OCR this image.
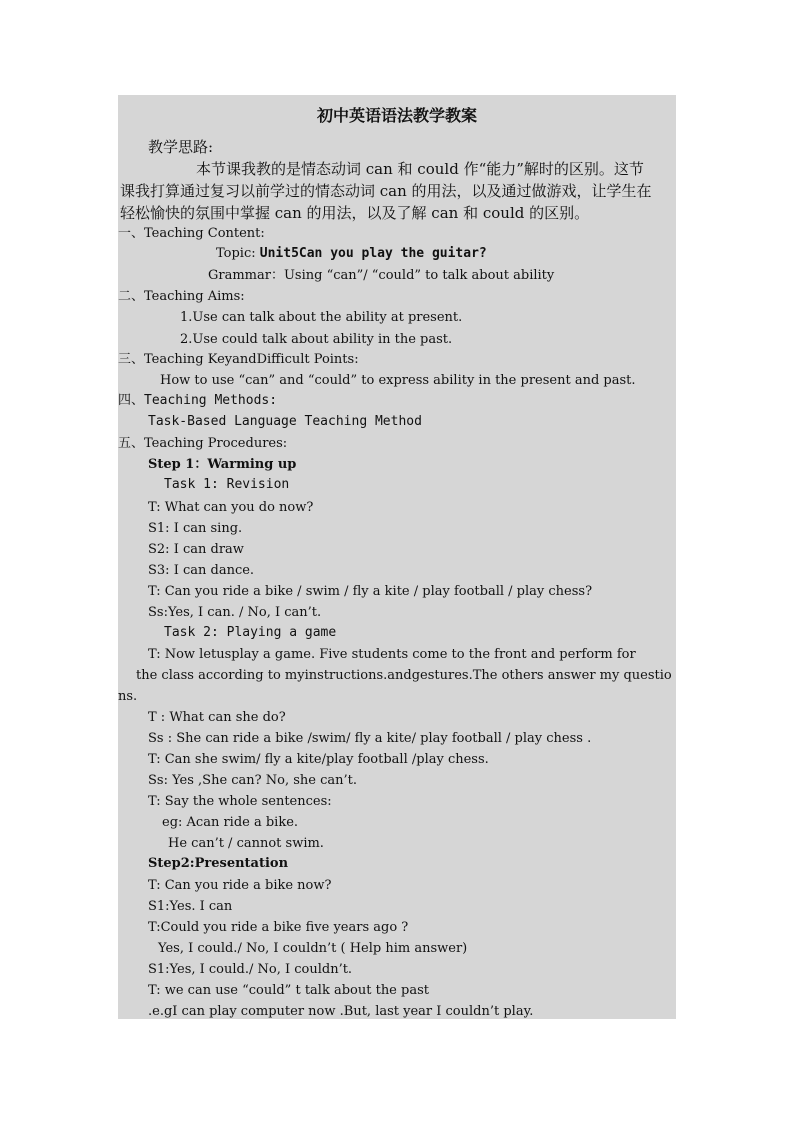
初中英语语法教学教案
教学思路:
本节课我教的是情态动词 can 和 could 作“能力”解时的区别。这节
课我打算通过复习以前学过的情态动词 can 的用法，以及通过做游戏，让学生在
轻松愉快的氛围中掌握 can 的用法，以及了解 can 和 could 的区别。
一、Teaching Content:
Topic: Unit5Can you play the guitar?
Grammar：Using “can”/ “could” to talk about ability
二、Teaching Aims:
1.Use can talk about the ability at present.
2.Use could talk about ability in the past.
三、Teaching KeyandDifficult Points:
How to use “can” and “could” to express ability in the present and past.
四、Teaching Methods:
Task-Based Language Teaching Method
五、Teaching Procedures:
Step 1：Warming up
Task 1: Revision
T: What can you do now?
S1: I can sing.
S2: I can draw
S3: I can dance.
T: Can you ride a bike / swim / fly a kite / play football / play chess?
Ss:Yes, I can. / No, I can’t.
Task 2: Playing a game
T: Now letusplay a game. Five students come to the front and perform for
the class according to myinstructions.andgestures.The others answer my questio
ns.
T : What can she do?
Ss : She can ride a bike /swim/ fly a kite/ play football / play chess .
T: Can she swim/ fly a kite/play football /play chess.
Ss: Yes ,She can? No, she can’t.
T: Say the whole sentences:
eg: Acan ride a bike.
He can’t / cannot swim.
Step2:Presentation
T: Can you ride a bike now?
S1:Yes. I can
T:Could you ride a bike five years ago ?
Yes, I could./ No, I couldn’t ( Help him answer)
S1:Yes, I could./ No, I couldn’t.
T: we can use “could” t talk about the past
.e.gI can play computer now .But, last year I couldn’t play.
